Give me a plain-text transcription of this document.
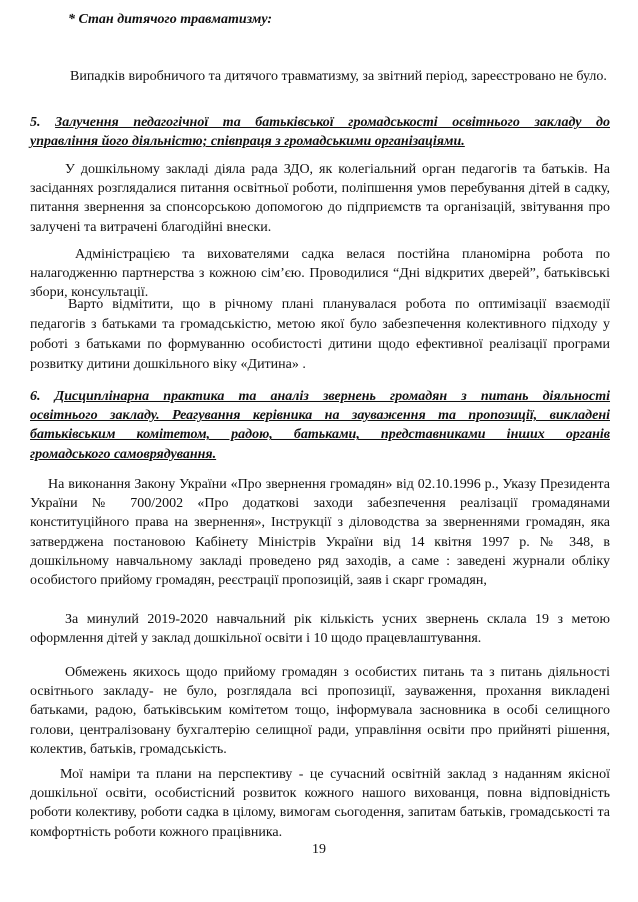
* Стан дитячого травматизму:

Випадків виробничого та дитячого травматизму, за звітний період, зареєстровано не було.

5. Залучення педагогічної та батьківської громадськості освітнього закладу до
управління його діяльністю; співпраця з громадськими організаціями.

У дошкільному закладі діяла рада ЗДО, як колегіальний орган педагогів та батьків. На засіданнях розглядалися питання освітньої роботи, поліпшення умов перебування дітей в садку, питання звернення за спонсорською допомогою до підприємств та організацій, звітування про залучені та витрачені благодійні внески.

Адміністрацією та вихователями садка велася постійна планомірна робота по налагодженню партнерства з кожною сім’єю. Проводилися “Дні відкритих дверей”, батьківські збори, консультації.

Варто відмітити, що в річному плані планувалася робота по оптимізації взаємодії педагогів з батьками та громадськістю, метою якої було забезпечення колективного підходу у роботі з батьками по формуванню особистості дитини щодо ефективної реалізації програми розвитку дитини дошкільного віку «Дитина» .

6. Дисциплінарна практика та аналіз звернень громадян з питань діяльності
освітнього закладу. Реагування керівника на зауваження та пропозиції, викладені
батьківським комітетом, радою, батьками, представниками інших органів
громадського самоврядування.

На виконання Закону України «Про звернення громадян» від 02.10.1996 р., Указу Президента України № 700/2002 «Про додаткові заходи забезпечення реалізації громадянами конституційного права на звернення», Інструкції з діловодства за зверненнями громадян, яка затверджена постановою Кабінету Міністрів України від 14 квітня 1997 р. № 348, в дошкільному навчальному закладі проведено ряд заходів, а саме : заведені журнали обліку особистого прийому громадян, реєстрації пропозицій, заяв і скарг громадян,

За минулий 2019-2020 навчальний рік кількість усних звернень склала 19 з метою оформлення дітей у заклад дошкільної освіти і 10 щодо працевлаштування.

Обмежень якихось щодо прийому громадян з особистих питань та з питань діяльності освітнього закладу- не було, розглядала всі пропозиції, зауваження, прохання викладені батьками, радою, батьківським комітетом тощо, інформувала засновника в особі селищного голови, централізовану бухгалтерію селищної ради, управління освіти про прийняті рішення, колектив, батьків, громадськість.

Мої наміри та плани на перспективу - це сучасний освітній заклад з наданням якісної дошкільної освіти, особистісний розвиток кожного нашого вихованця, повна відповідність роботи колективу, роботи садка в цілому, вимогам сьогодення, запитам батьків, громадськості та комфортність роботи кожного працівника.

19
